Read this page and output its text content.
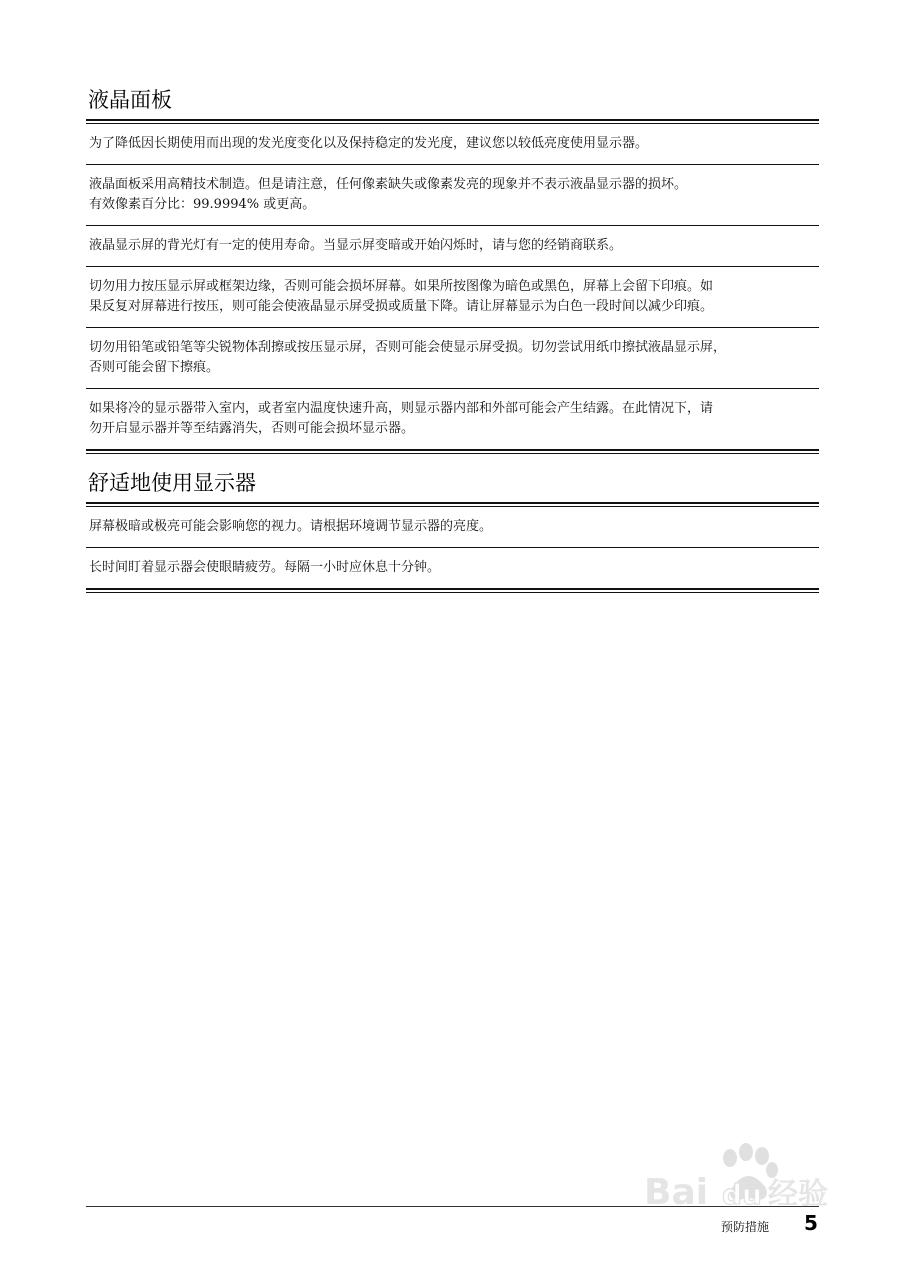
液晶面板
为了降低因长期使用而出现的发光度变化以及保持稳定的发光度，建议您以较低亮度使用显示器。
液晶面板采用高精技术制造。但是请注意，任何像素缺失或像素发亮的现象并不表示液晶显示器的损坏。
有效像素百分比：99.9994% 或更高。
液晶显示屏的背光灯有一定的使用寿命。当显示屏变暗或开始闪烁时，请与您的经销商联系。
切勿用力按压显示屏或框架边缘，否则可能会损坏屏幕。如果所按图像为暗色或黑色，屏幕上会留下印痕。如
果反复对屏幕进行按压，则可能会使液晶显示屏受损或质量下降。请让屏幕显示为白色一段时间以减少印痕。
切勿用铅笔或铅笔等尖锐物体刮擦或按压显示屏，否则可能会使显示屏受损。切勿尝试用纸巾擦拭液晶显示屏，
否则可能会留下擦痕。
如果将冷的显示器带入室内，或者室内温度快速升高，则显示器内部和外部可能会产生结露。在此情况下，请
勿开启显示器并等至结露消失，否则可能会损坏显示器。
舒适地使用显示器
屏幕极暗或极亮可能会影响您的视力。请根据环境调节显示器的亮度。
长时间盯着显示器会使眼睛疲劳。每隔一小时应休息十分钟。
Bai du 经验
预防措施 5
